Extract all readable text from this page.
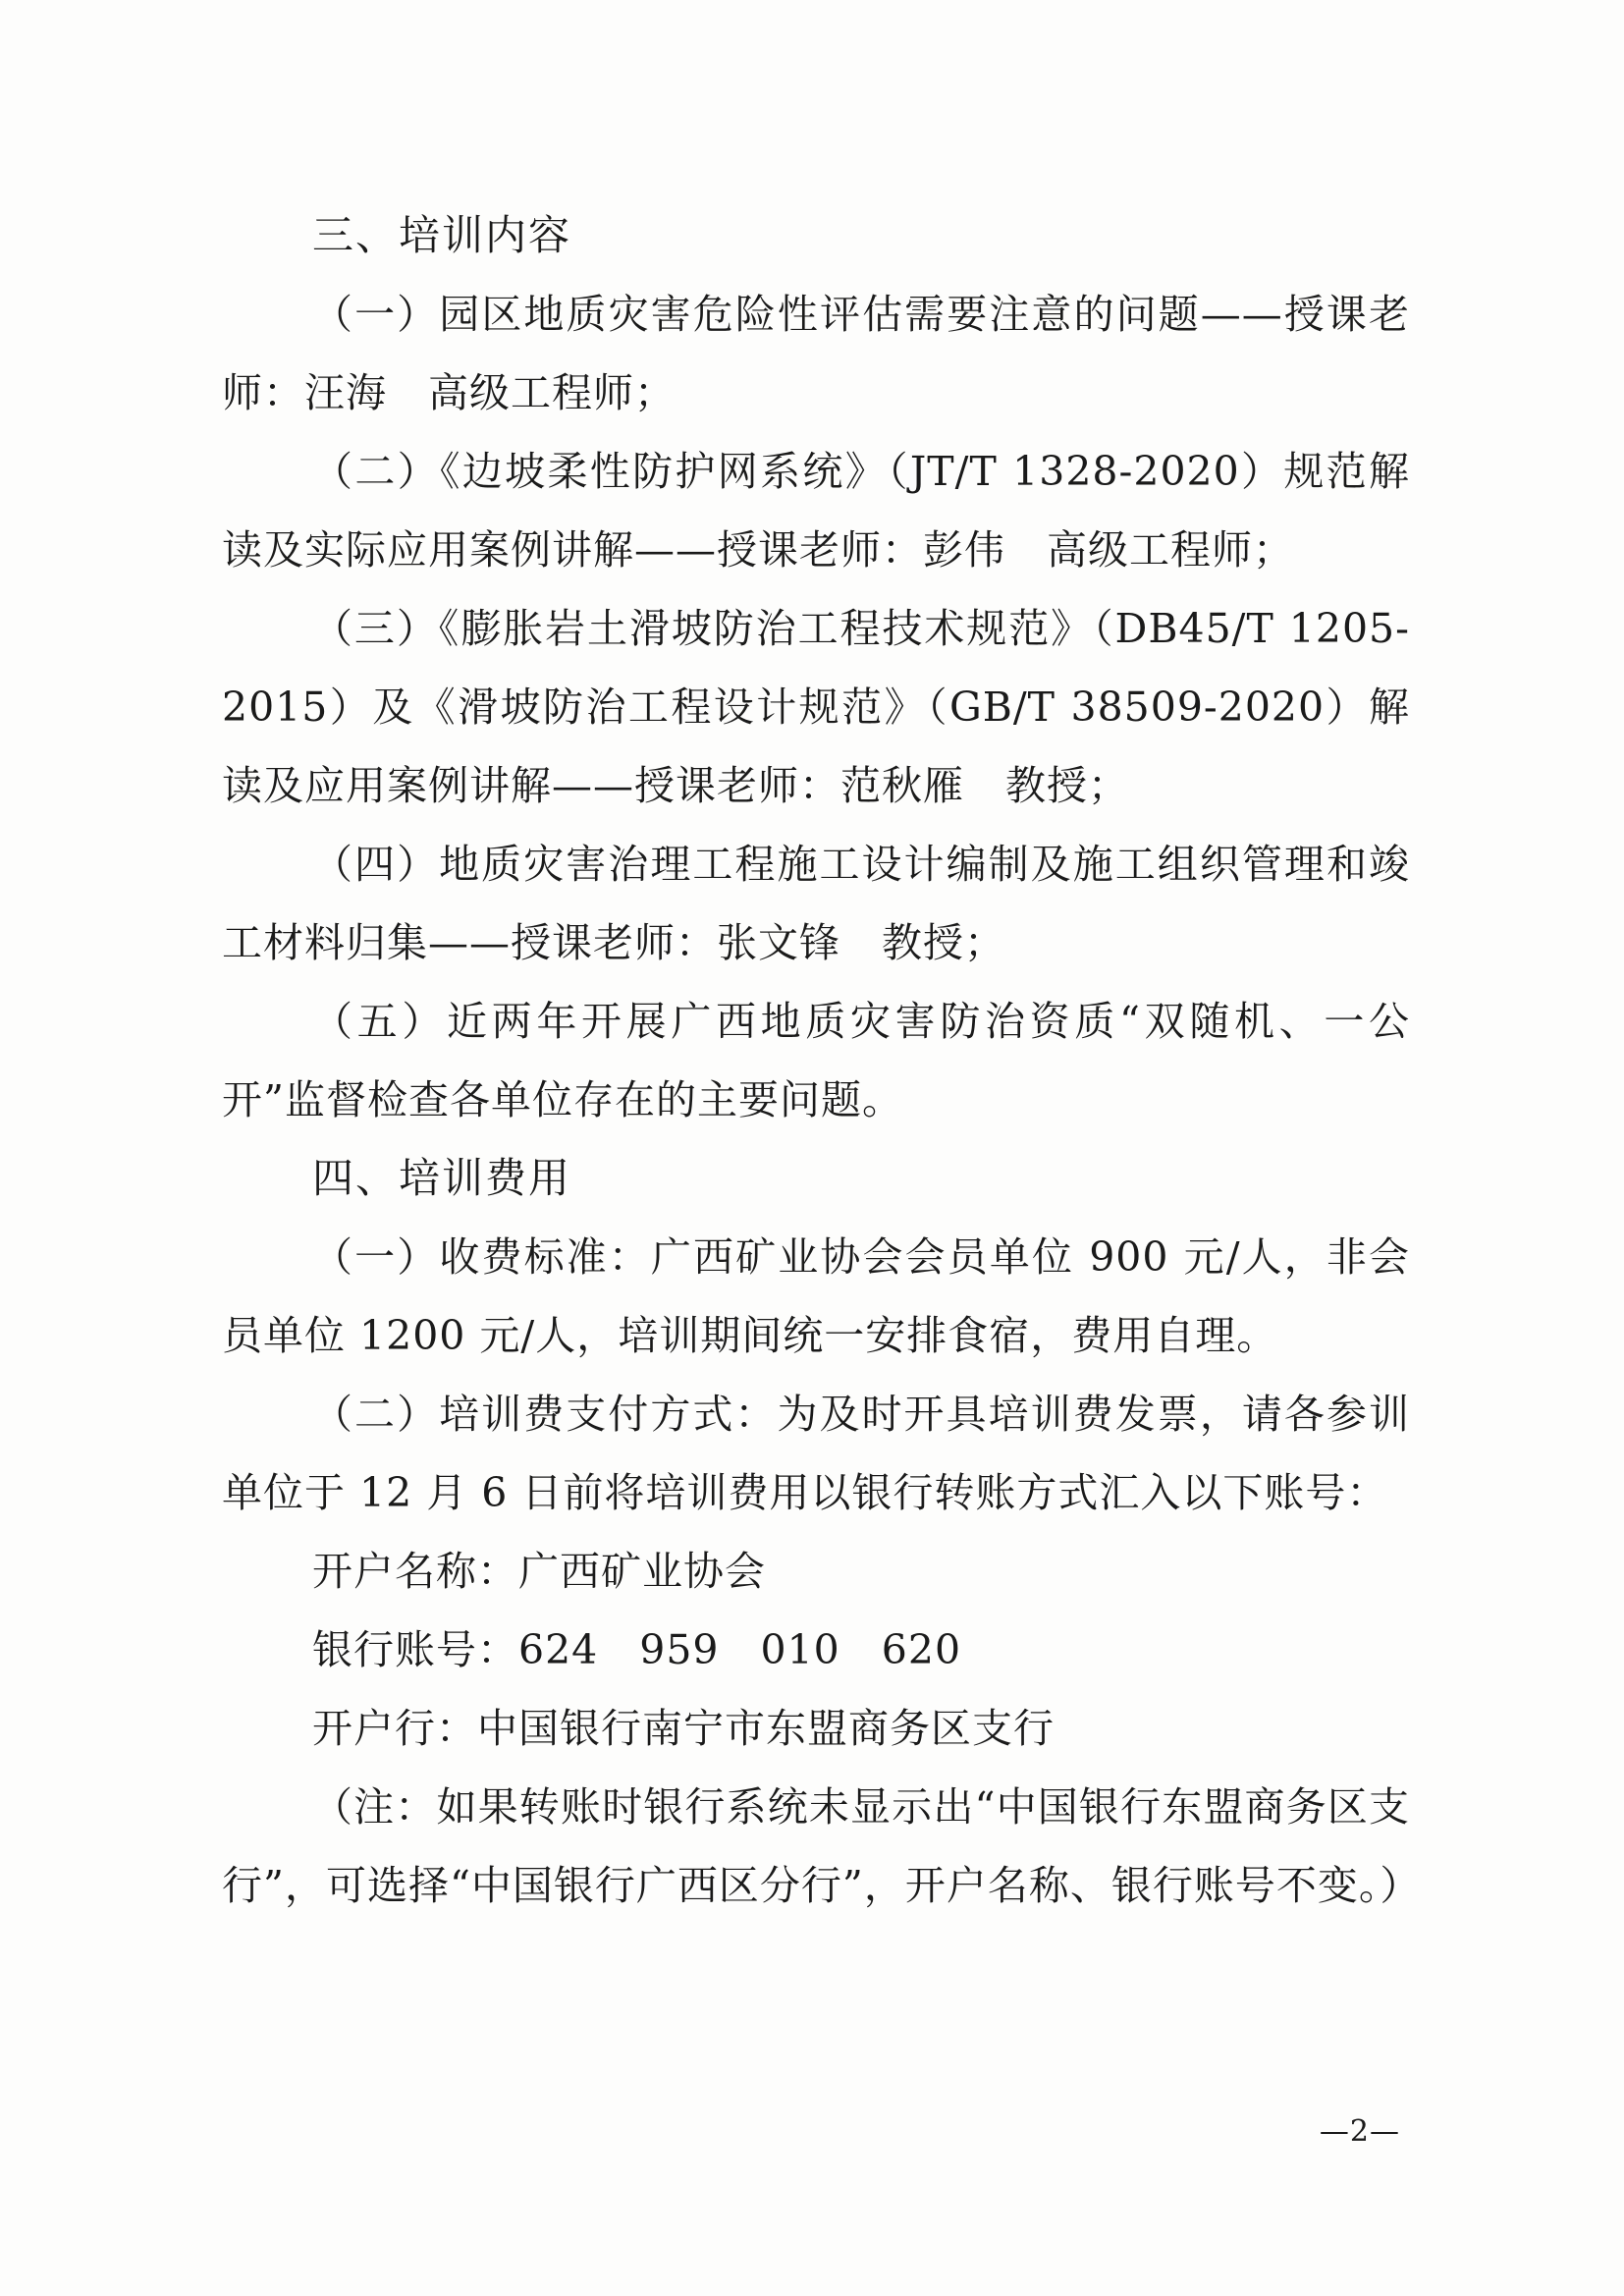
三、培训内容

（一）园区地质灾害危险性评估需要注意的问题——授课老师：汪海　高级工程师；

（二）《边坡柔性防护网系统》（JT/T 1328-2020）规范解读及实际应用案例讲解——授课老师：彭伟　高级工程师；

（三）《膨胀岩土滑坡防治工程技术规范》（DB45/T 1205-2015）及《滑坡防治工程设计规范》（GB/T 38509-2020）解读及应用案例讲解——授课老师：范秋雁　教授；

（四）地质灾害治理工程施工设计编制及施工组织管理和竣工材料归集——授课老师：张文锋　教授；

（五）近两年开展广西地质灾害防治资质“双随机、一公开”监督检查各单位存在的主要问题。

四、培训费用

（一）收费标准：广西矿业协会会员单位 900 元/人，非会员单位 1200 元/人，培训期间统一安排食宿，费用自理。

（二）培训费支付方式：为及时开具培训费发票，请各参训单位于 12 月 6 日前将培训费用以银行转账方式汇入以下账号：

开户名称：广西矿业协会

银行账号：624　959　010　620

开户行：中国银行南宁市东盟商务区支行

（注：如果转账时银行系统未显示出“中国银行东盟商务区支行”，可选择“中国银行广西区分行”，开户名称、银行账号不变。）

—2—
